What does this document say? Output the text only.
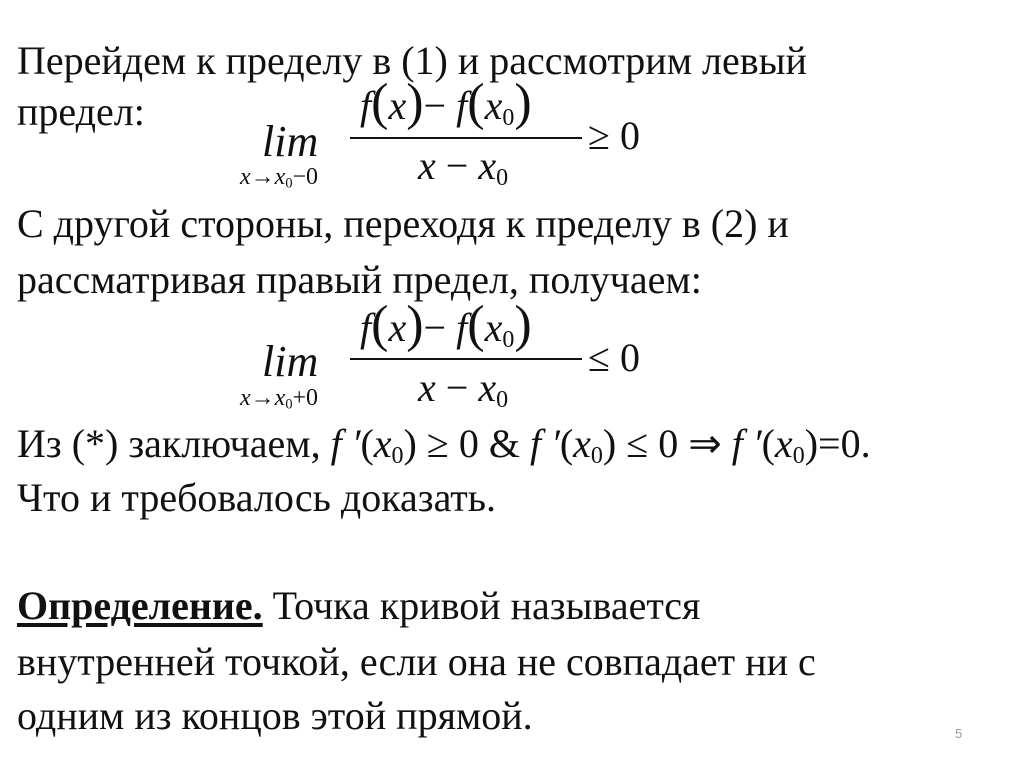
Перейдем к пределу в (1) и рассмотрим левый
предел:
lim
$x\to x_0-0$
$f(x)- f(x_0)$
$x - x_0$
≥ 0
С другой стороны, переходя к пределу в (2) и
рассматривая правый предел, получаем:
lim
$x\to x_0+0$
$f(x)- f(x_0)$
$x - x_0$
≤ 0
Из (*) заключаем, f $'(x_0) \ge 0$ & f $'(x_0) \le 0$ ⇒ f $'(x_0)=0$.
Что и требовалось доказать.
Определение. Точка кривой называется
внутренней точкой, если она не совпадает ни с
одним из концов этой прямой.	5
